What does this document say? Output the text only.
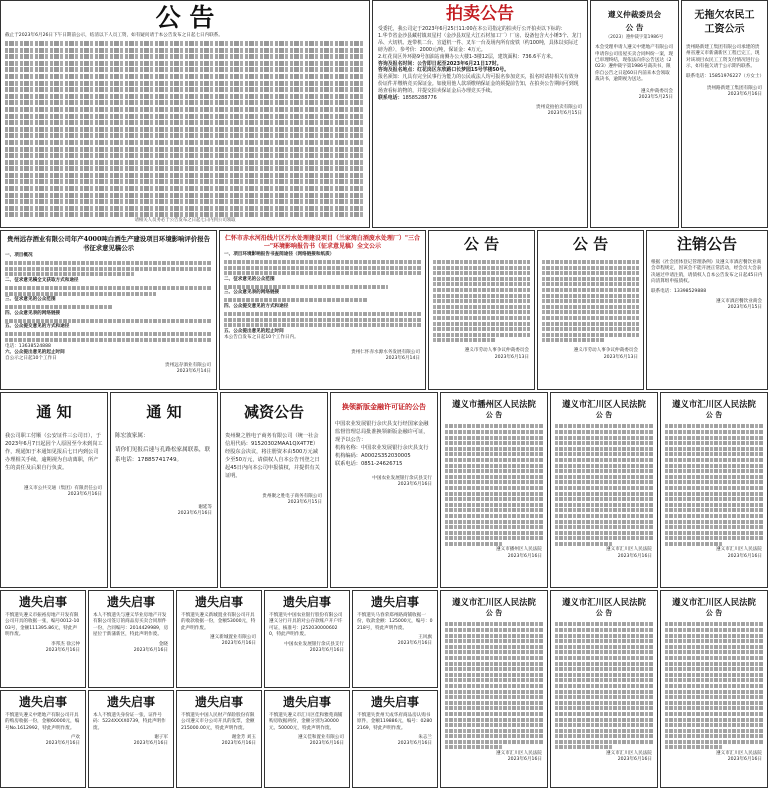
公 告
截止于2023年6月26日下午日期前公示，结清以下人员工资，如有疑问请于本公告发布之日起七日内联系。
请相关人员务必于公告发布之日起七日内到公司领取
拍卖公告
受委托，我公司定于2023年6月25日11:00在本公司指定的拍卖厅公开拍卖以下标的：
1.华节省金沙县藏村镇双星村（金沙县双星大江石材加工厂）厂房、设备包含大小锤3个、龙门吊、大切机、连带机二台、宣道机一件、叉车一台及场内所有废铁（约100吨，具体以实际过磅为准），参考价：2000元/吨，保证金：4万元。
2.红花岗区外环路9号加油站南侧办公大楼1-3楼12层，建筑面积：736.6平方米。
咨询及报名时间：公告即日起至2023年6月21日17时。
咨询及报名地点：红花岗区东欣路口长梦园15号学楼50号。
报名须知：凡具有完全民事行为能力的公民或法人均可报名参加竞买，报名时请持相关有效身份证件并缴纳竞买保证金。如使用他人款项缴纳保证金的须提前告知，在拍卖公告期间可到现场查看标的物的，并提交拍卖保证金后办理竞买手续。
联系电话：18585288776
贵州竞拍拍卖有限公司
2023年6月15日
遵义仲裁委员会
公 告
（2023）遵仲裁字第1986号
本会受理申请人遵义中建地产有限公司申请你公司房屋买卖合同纠纷一案，现已审理终结，现依法向你公告送达（2023）遵仲裁字第1986号裁决书，限你自公告之日起60日内前来本会领取裁决书，逾期视为送达。
遵义仲裁委员会
2023年5月25日
无拖欠农民工
工资公示
贵州路新建工集团有限公司承建的贵州省遵义市新蒲新区工程已完工，现对该项目农民工工资支付情况进行公示，如有拖欠请于公示期内联系。
联系电话：15851976227（方女士）
贵州路新建工集团有限公司
2023年6月16日
贵州远存酒业有限公司年产4000吨白酒生产建设项目环境影响评价报告书征求意见稿公示
一、项目概况
二、征求意见稿全文获取方式和途径
三、征求意见的公众范围
四、公众意见表的网络链接
五、公众提交意见的方式和途径
电话：13638524888
六、公众提出意见的起止时间
自公示之日起10个工作日
贵州远存酒业有限公司
2023年6月14日
仁怀市赤水河沿线片区污水处理建设项目（兰家湾白酒废水处理厂）"三合一"环境影响报告书（征求意见稿）全文公示
一、项目环境影响报告书查阅途径（网络链接和纸质）
二、征求意见的公众范围
三、公众意见表的网络链接
四、公众提交意见的方式和途径
五、公众提出意见的起止时间
本公告自发布之日起10个工作日内。
贵州仁怀赤水源水务发展有限公司
2023年6月14日
公 告
遵义市劳动人事争议仲裁委员会
2023年6月13日
公 告
遵义市劳动人事争议仲裁委员会
2023年6月13日
注销公告
根据《社会团体登记管理条例》及遵义市酒店餐饮业商会章程规定，因该会不能开展正常活动，经会员大会表决通过申请注销，请债权人自本公告发布之日起45日内向清算组申报债权。
联系电话：13398529888
遵义市酒店餐饮业商会
2023年6月15日
通 知
我公司职工付顺（公安证件三公司日），于2023年6月7日起因个人原因至今未到岗工作，现通知于本通知见报后七日内到公司办理相关手续，逾期视为自动离职，所产生的责任及后果自行负责。
遵义市公共交通（集团）有限责任公司
2023年6月16日
通 知
陈宏波家属：
请你们见报后速与孔路松家属联系，联系电话：17885741749。
谢延等
2023年6月16日
减资公告
贵州聚之胜电子商务有限公司（统一社会信用代码：91520302MAA1QX4T7E）经股东会决议，将注册资本由500万元减少至50万元，请债权人自本公告刊登之日起45日内向本公司申报债权，并提供有关证明。
贵州聚之胜电子商务有限公司
2023年6月15日
换领新版金融许可证的公告
中国农业发展银行余庆县支行经国家金融监督管理总局批准换领新版金融许可证，现予以公告：
机构名称：中国农业发展银行余庆县支行
机构编码：A0002S352030005
联系电话：0851-24626715
中国农业发展银行余庆县支行
2023年6月16日
遵义市播州区人民法院
公 告
遵义市播州区人民法院
2023年6月16日
遵义市汇川区人民法院
公 告
遵义市汇川区人民法院
2023年6月16日
遵义市汇川区人民法院
公 告
遵义市汇川区人民法院
2023年6月16日
遗失启事
不慎遗失遵义市振裕房地产开发有限公司开具的收据一张，编号0012-1003号，金额111395.86元，特此声明作废。
李邦杰 徐云仲
2023年6月16日
遗失启事
本人不慎遗失与遵义华业房地产开发有限公司签订的商品房买卖合同原件一份，合同编号：2014429989，房屋位于新蒲新区，特此声明作废。
金晓
2023年6月16日
遗失启事
不慎遗失遵义新城置业有限公司开具的收款收据一份，金额53000元，特此声明作废。
遵义新城置业有限公司
2023年6月16日
遗失启事
不慎遗失中国农业银行股份有限公司遵义分行开具的对公存款账户开户许可证，核准号：J2520300006020，特此声明作废。
中国农业发展银行余庆县支行
2023年6月16日
遗失启事
不慎遗失马春荣郑州路商铺收据一份，收款金额：125000元，编号：0218号，特此声明作废。
王风旗
2023年6月16日
遗失启事
不慎遗失遵义中建地产有限公司开具的购房收据一份，金额60000元，编号No.1612992，特此声明作废。
卢欢
2023年6月16日
遗失启事
本人不慎遗失身份证一张，证件号码：5224XXXX0739，特此声明作废。
谢子军
2023年6月16日
遗失启事
不慎遗失中国人民财产保险股份有限公司遵义市分公司开具的发票，金额215000.00元，特此声明作废。
谢金芳 刘玉
2023年6月16日
遗失启事
不慎遗失遵义市汇川区佳和雅苑商铺购房收据两份，金额分别为30000元、50000元，特此声明作废。
遵义佳和置业有限公司
2023年6月16日
遗失启事
不慎遗失贵州天成华府商品房认购书原件，金额119886元，编号：02802169，特此声明作废。
朱志兰
2023年6月16日
遵义市汇川区人民法院
公 告
遵义市汇川区人民法院
2023年6月16日
遵义市汇川区人民法院
公 告
遵义市汇川区人民法院
2023年6月16日
遵义市汇川区人民法院
公 告
遵义市汇川区人民法院
2023年6月16日
